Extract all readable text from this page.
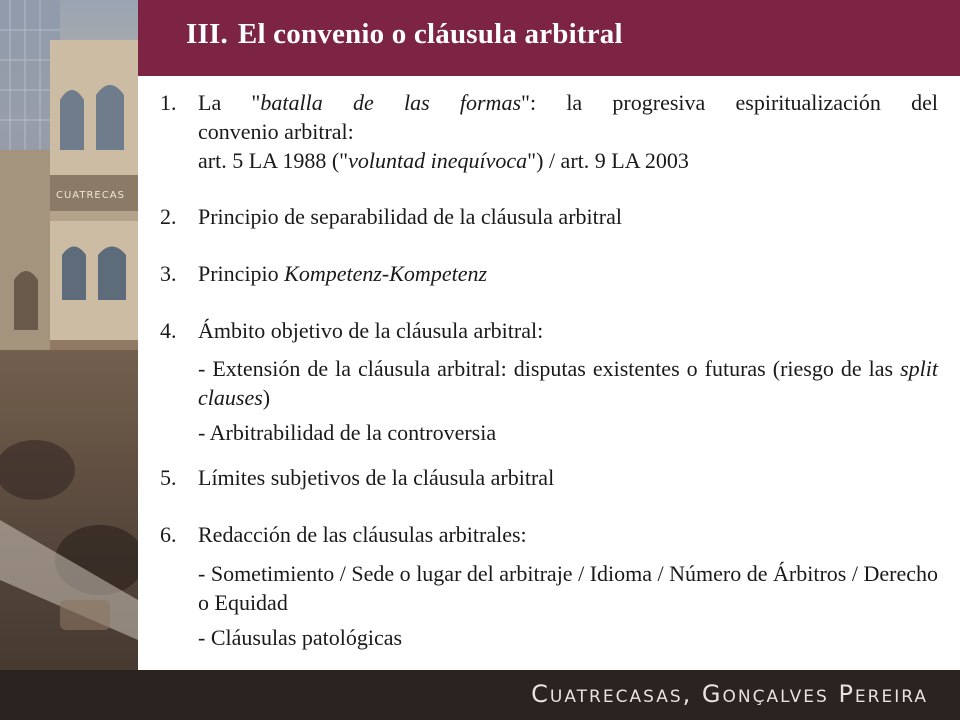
CUATRECAS
III. El convenio o cláusula arbitral
1. La "batalla de las formas": la progresiva espiritualización del
convenio arbitral:
art. 5 LA 1988 ("voluntad inequívoca") / art. 9 LA 2003
2. Principio de separabilidad de la cláusula arbitral
3. Principio Kompetenz-Kompetenz
4. Ámbito objetivo de la cláusula arbitral:
- Extensión de la cláusula arbitral: disputas existentes o futuras (riesgo de las split clauses)
- Arbitrabilidad de la controversia
5. Límites subjetivos de la cláusula arbitral
6. Redacción de las cláusulas arbitrales:
- Sometimiento / Sede o lugar del arbitraje / Idioma / Número de Árbitros / Derecho o Equidad
- Cláusulas patológicas
Cuatrecasas, Gonçalves Pereira
